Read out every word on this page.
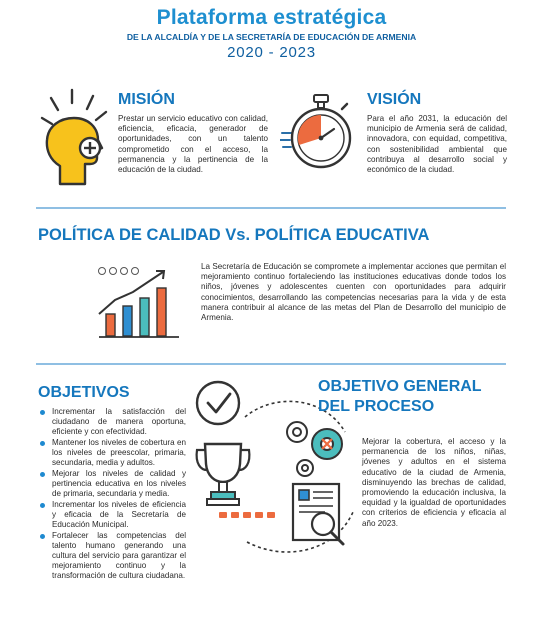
Plataforma estratégica
DE LA ALCALDÍA Y DE LA SECRETARÍA DE EDUCACIÓN DE ARMENIA
2020 - 2023
MISIÓN
Prestar un servicio educativo con calidad, eficiencia, eficacia, generador de oportunidades, con un talento comprometido con el acceso, la permanencia y la pertinencia de la educación de la ciudad.
VISIÓN
Para el año 2031, la educación del municipio de Armenia será de calidad, innovadora, con equidad, competitiva, con sostenibilidad ambiental que contribuya al desarrollo social y económico de la ciudad.
POLÍTICA DE CALIDAD Vs. POLÍTICA EDUCATIVA
La Secretaría de Educación se compromete a implementar acciones que permitan el mejoramiento continuo fortaleciendo las instituciones educativas donde todos los niños, jóvenes y adolescentes cuenten con oportunidades para adquirir conocimientos, desarrollando las competencias necesarias para la vida y de esta manera contribuir al alcance de las metas del Plan de Desarrollo del municipio de Armenia.
OBJETIVOS
Incrementar la satisfacción del ciudadano de manera oportuna, eficiente y con efectividad.
Mantener los niveles de cobertura en los niveles de preescolar, primaria, secundaria, media y adultos.
Mejorar los niveles de calidad y pertinencia educativa en los niveles de primaria, secundaria y media.
Incrementar los niveles de eficiencia y eficacia de la Secretaría de Educación Municipal.
Fortalecer las competencias del talento humano generando una cultura del servicio para garantizar el mejoramiento continuo y la transformación de cultura ciudadana.
OBJETIVO GENERAL
DEL PROCESO
Mejorar la cobertura, el acceso y la permanencia de los niños, niñas, jóvenes y adultos en el sistema educativo de la ciudad de Armenia, disminuyendo las brechas de calidad, promoviendo la educación inclusiva, la equidad y la igualdad de oportunidades con criterios de eficiencia y eficacia al año 2023.
